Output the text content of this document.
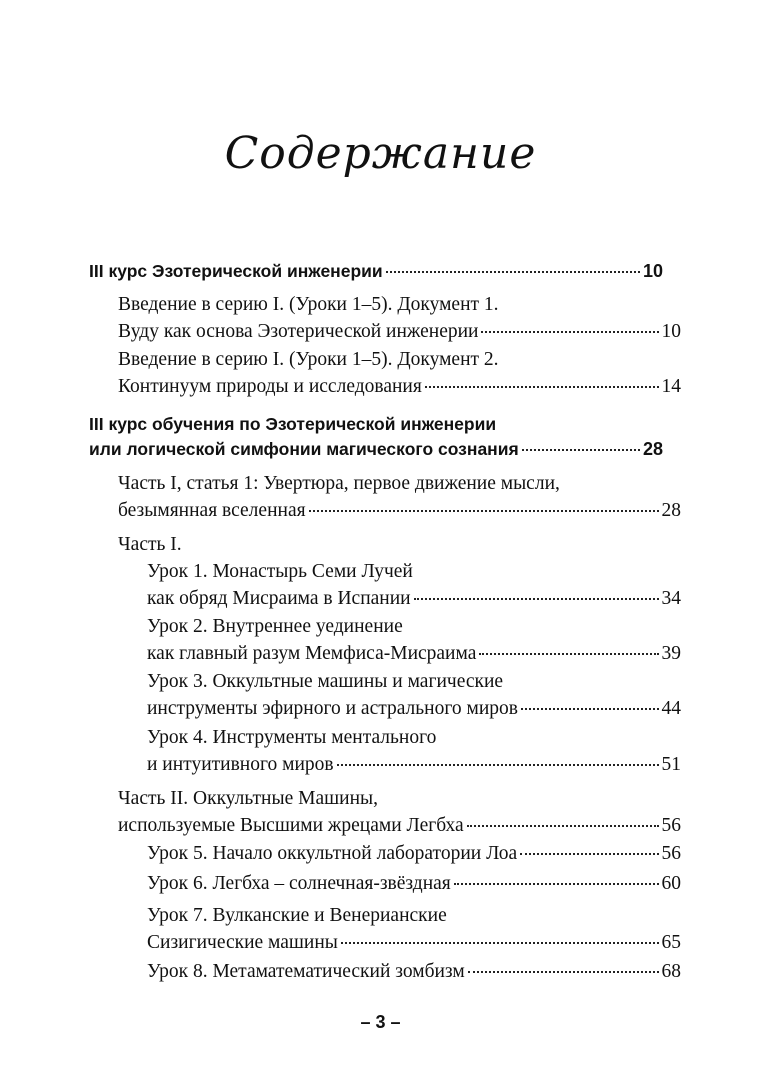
Содержание
III курс Эзотерической инженерии	10
Введение в серию I. (Уроки 1–5). Документ 1.
Вуду как основа Эзотерической инженерии	10
Введение в серию I. (Уроки 1–5). Документ 2.
Континуум природы и исследования	14
III курс обучения по Эзотерической инженерии
или логической симфонии магического сознания	28
Часть I, статья 1: Увертюра, первое движение мысли,
безымянная вселенная	28
Часть I.
Урок 1. Монастырь Семи Лучей
как обряд Мисраима в Испании	34
Урок 2. Внутреннее уединение
как главный разум Мемфиса-Мисраима	39
Урок 3. Оккультные машины и магические
инструменты эфирного и астрального миров	44
Урок 4. Инструменты ментального
и интуитивного миров	51
Часть II. Оккультные Машины,
используемые Высшими жрецами Легбха	56
Урок 5. Начало оккультной лаборатории Лоа	56
Урок 6. Легбха – солнечная-звёздная	60
Урок 7. Вулканские и Венерианские
Сизигические машины	65
Урок 8. Метаматематический зомбизм	68
– 3 –
